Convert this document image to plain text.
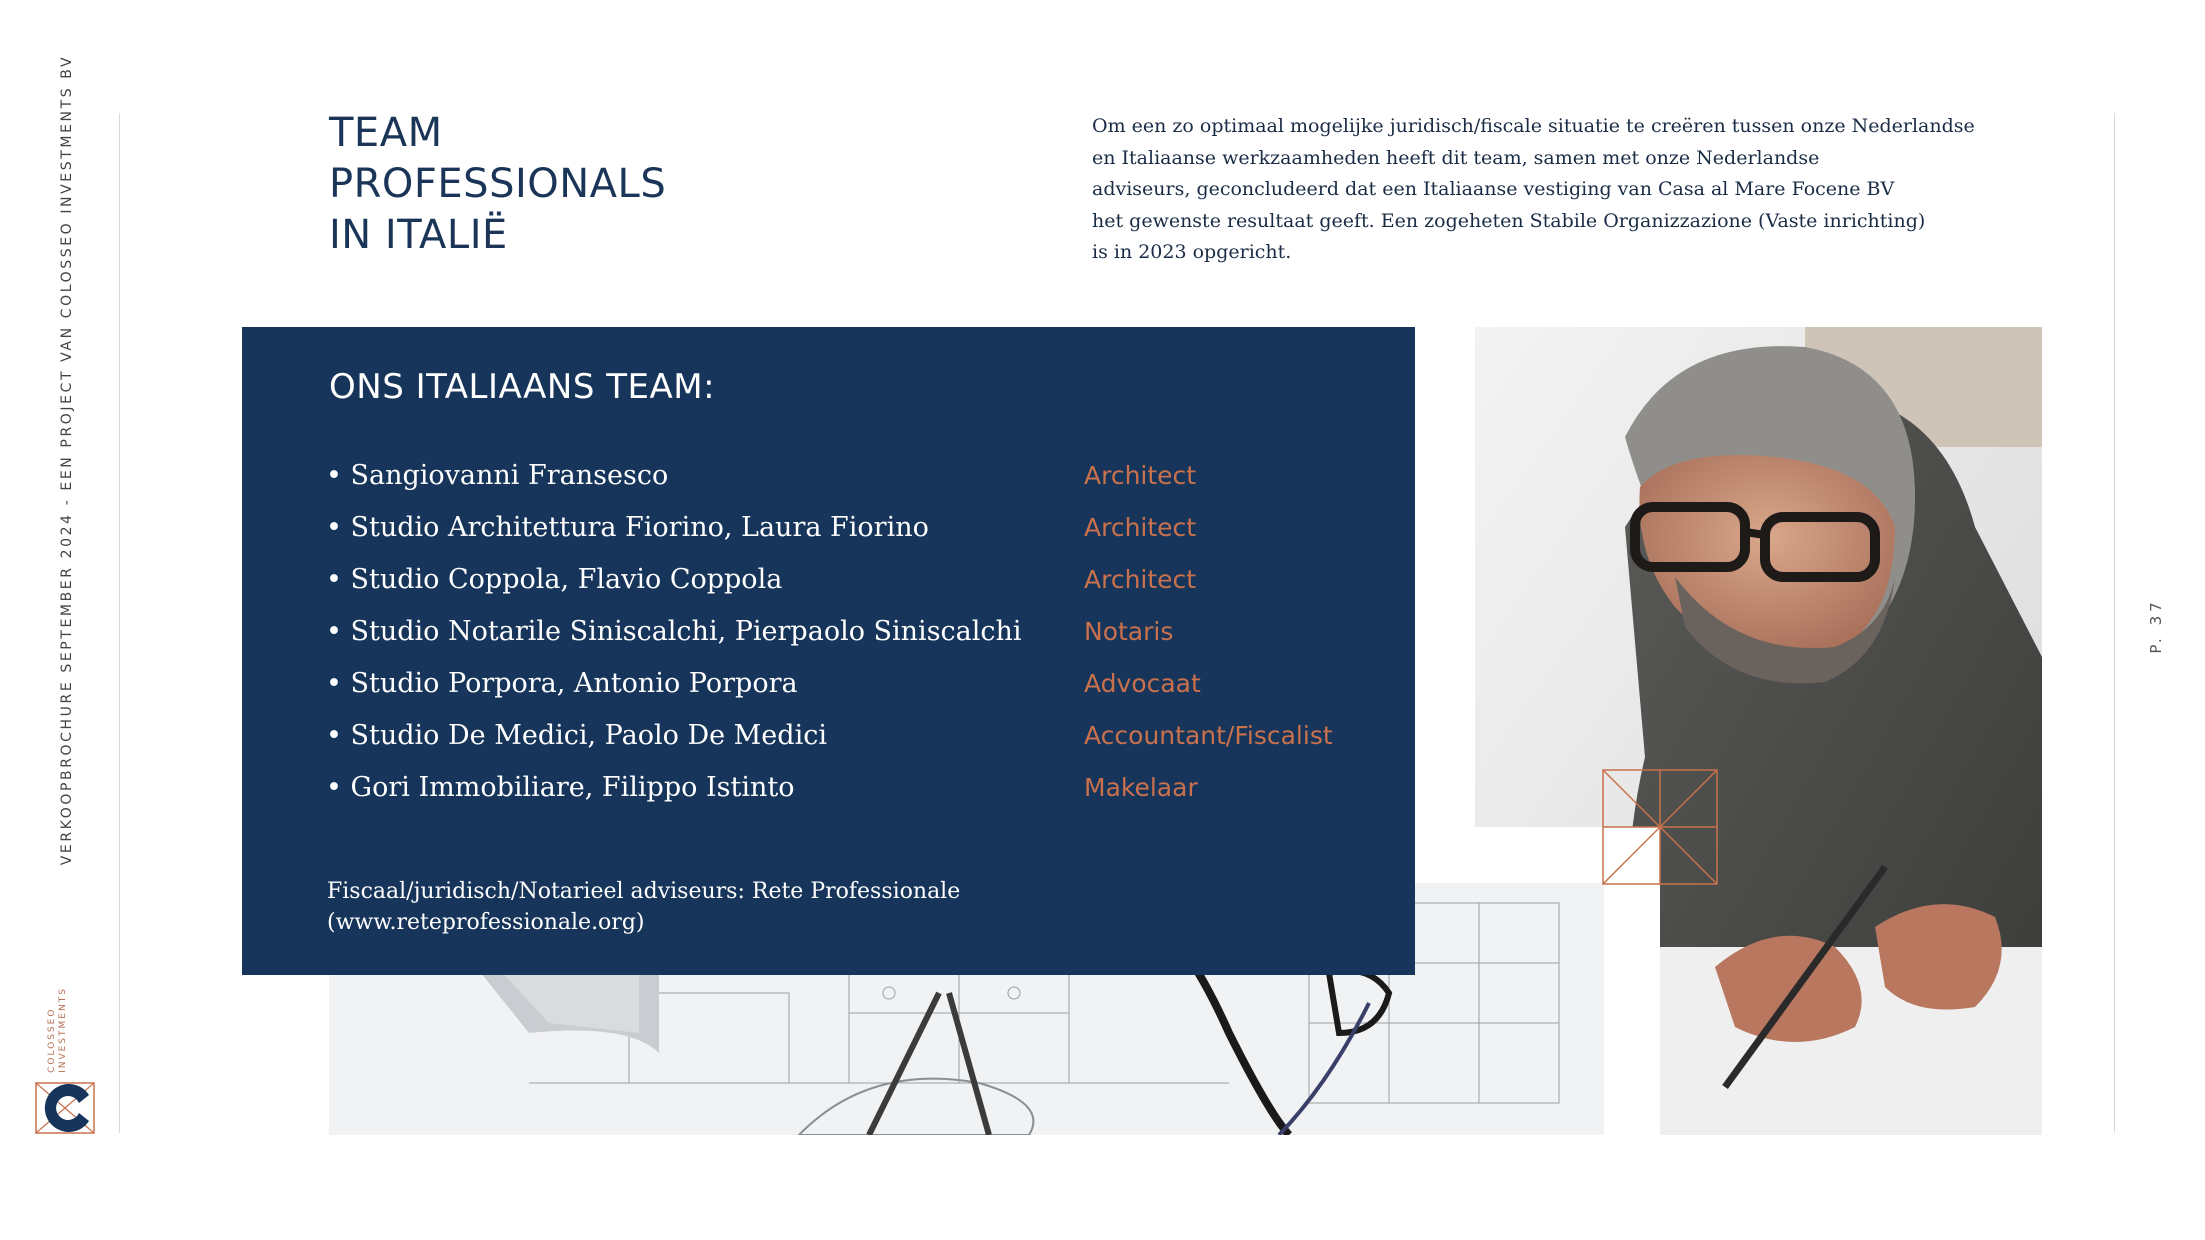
VERKOOPBROCHURE SEPTEMBER 2024 - EEN PROJECT VAN COLOSSEO INVESTMENTS BV	P. 37
COLOSSEO INVESTMENTS
TEAM
PROFESSIONALS
IN ITALIË
Om een zo optimaal mogelijke juridisch/fiscale situatie te creëren tussen onze Nederlandse
en Italiaanse werkzaamheden heeft dit team, samen met onze Nederlandse
adviseurs, geconcludeerd dat een Italiaanse vestiging van Casa al Mare Focene BV
het gewenste resultaat geeft. Een zogeheten Stabile Organizzazione (Vaste inrichting)
is in 2023 opgericht.
ONS ITALIAANS TEAM:
• Sangiovanni Fransesco	Architect
• Studio Architettura Fiorino, Laura Fiorino	Architect
• Studio Coppola, Flavio Coppola	Architect
• Studio Notarile Siniscalchi, Pierpaolo Siniscalchi Notaris
• Studio Porpora, Antonio Porpora	Advocaat
• Studio De Medici, Paolo De Medici	Accountant/Fiscalist
• Gori Immobiliare, Filippo Istinto	Makelaar
Fiscaal/juridisch/Notarieel adviseurs: Rete Professionale
(www.reteprofessionale.org)
